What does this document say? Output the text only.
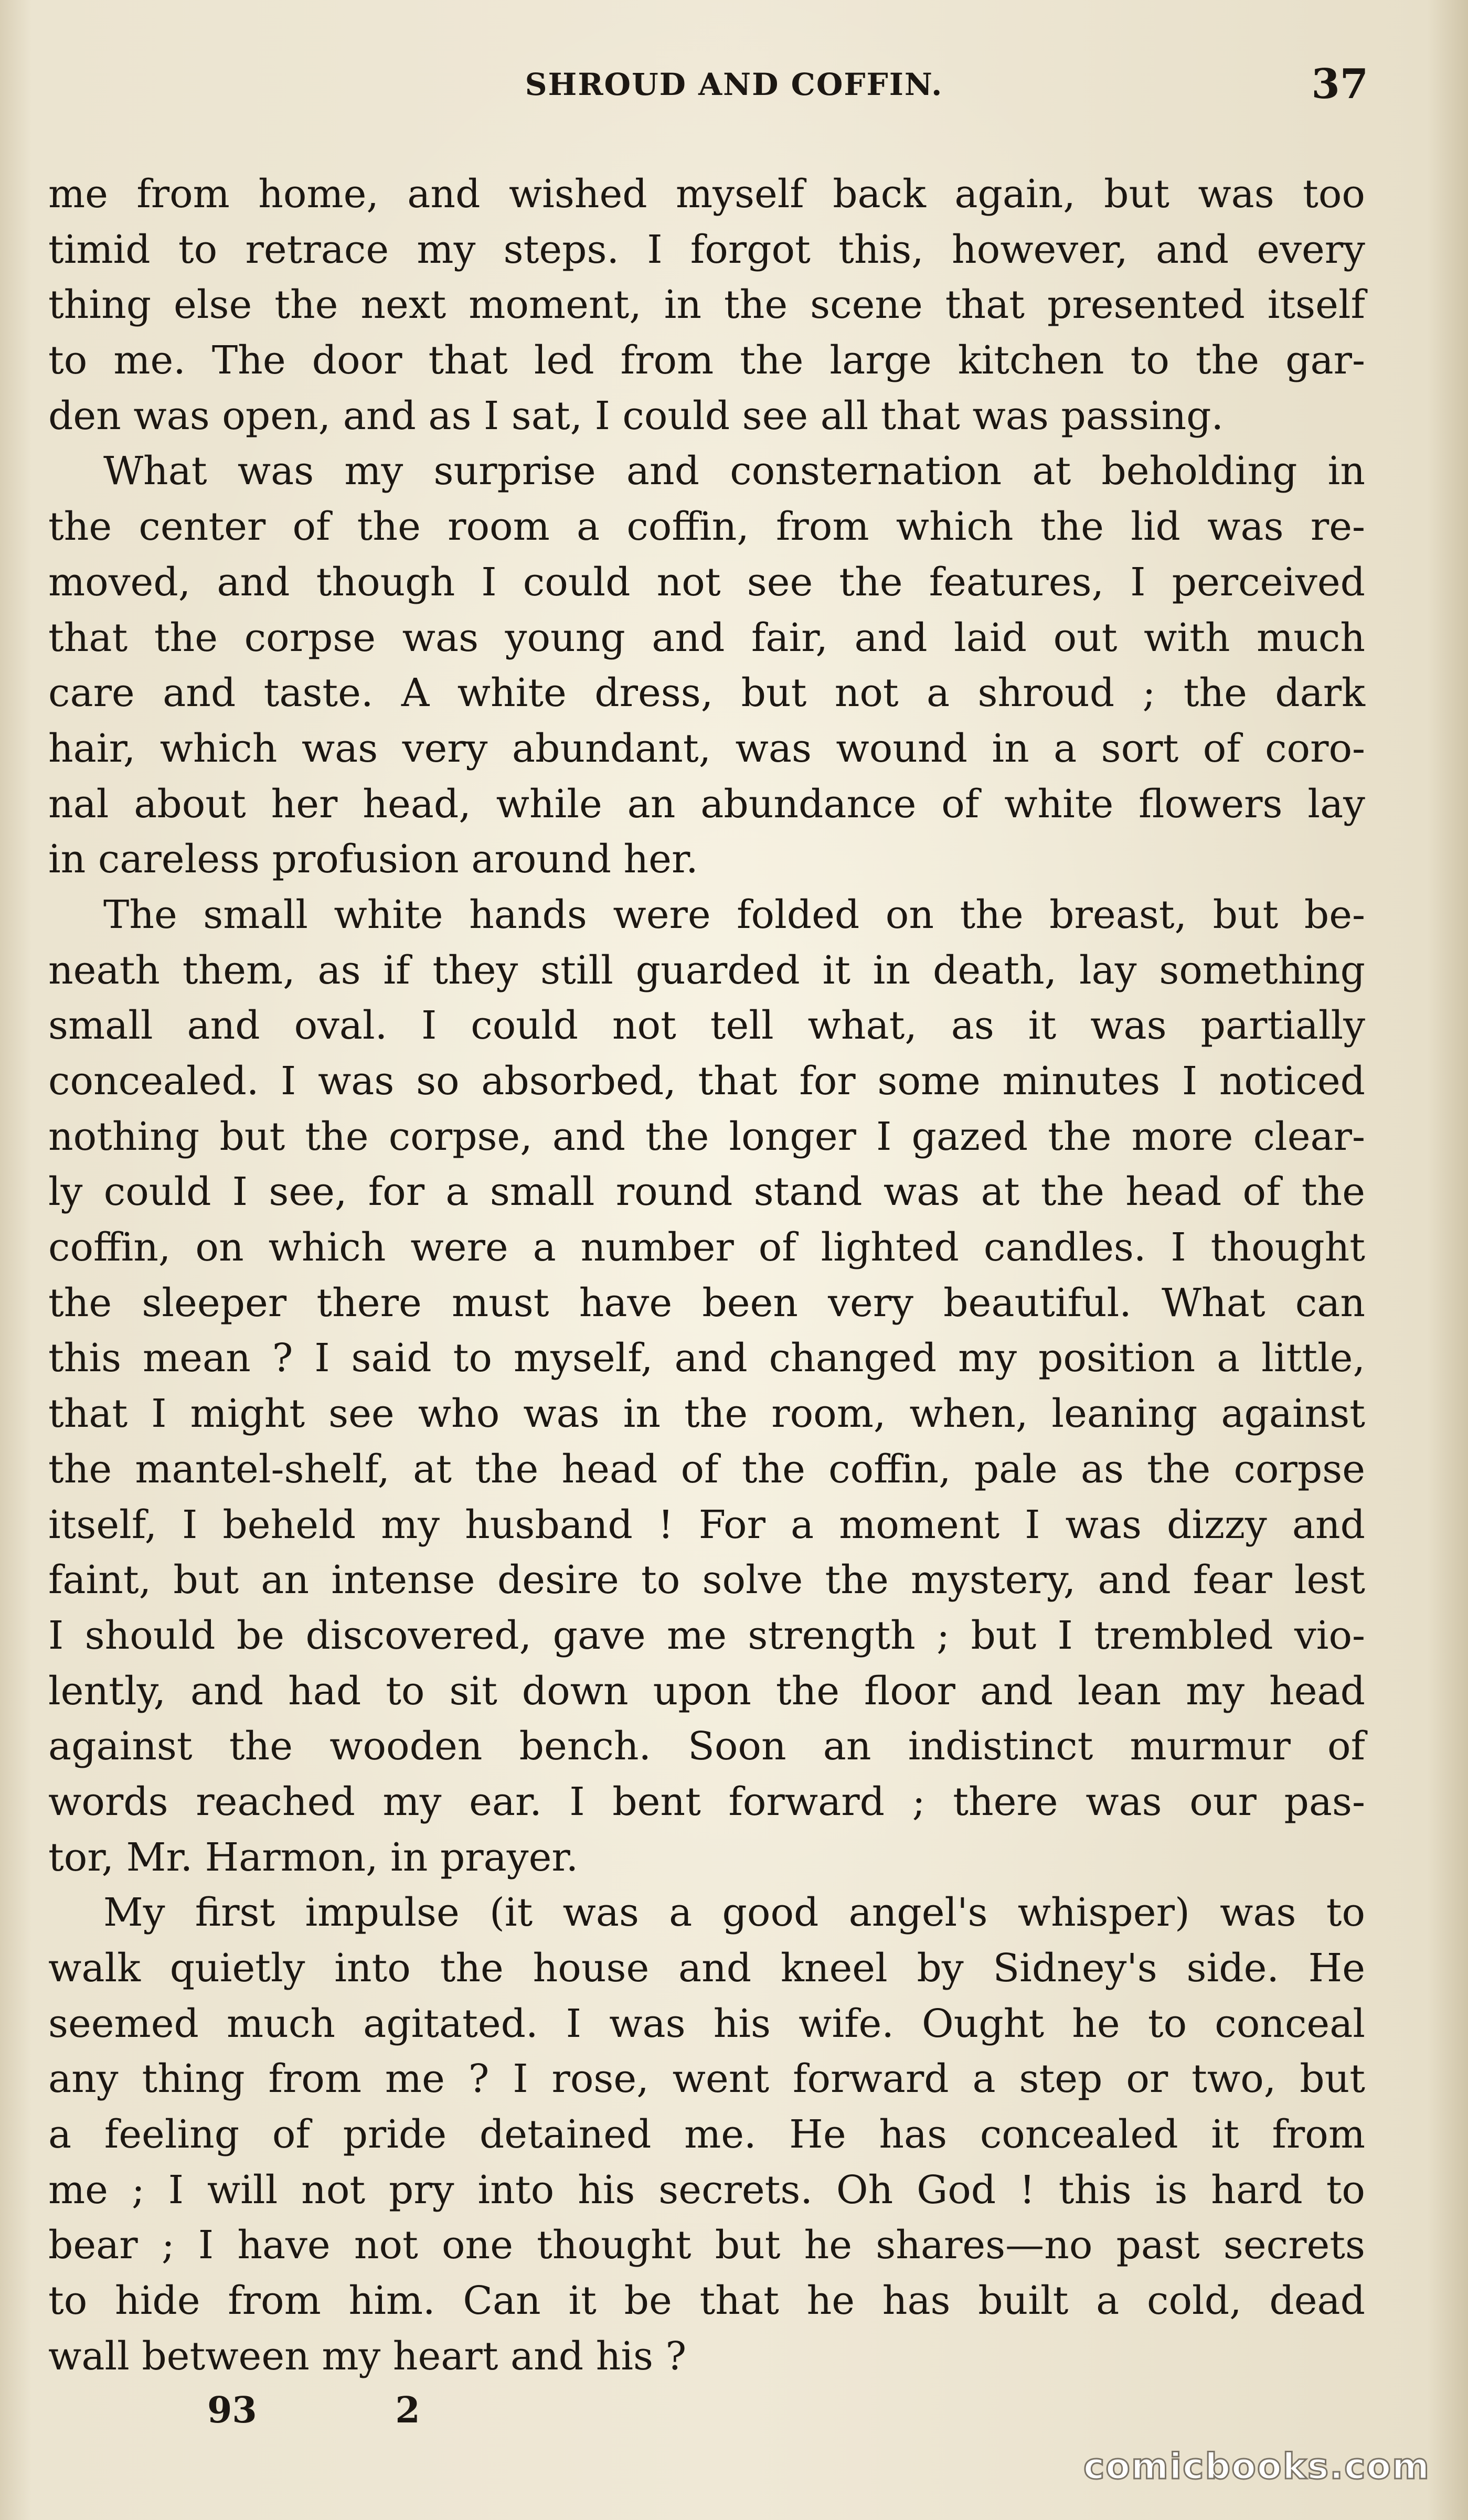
SHROUD AND COFFIN.	37
me from home, and wished myself back again, but was too
timid to retrace my steps. I forgot this, however, and every
thing else the next moment, in the scene that presented itself
to me. The door that led from the large kitchen to the gar-
den was open, and as I sat, I could see all that was passing.
What was my surprise and consternation at beholding in
the center of the room a coffin, from which the lid was re-
moved, and though I could not see the features, I perceived
that the corpse was young and fair, and laid out with much
care and taste. A white dress, but not a shroud ; the dark
hair, which was very abundant, was wound in a sort of coro-
nal about her head, while an abundance of white flowers lay
in careless profusion around her.
The small white hands were folded on the breast, but be-
neath them, as if they still guarded it in death, lay something
small and oval. I could not tell what, as it was partially
concealed. I was so absorbed, that for some minutes I noticed
nothing but the corpse, and the longer I gazed the more clear-
ly could I see, for a small round stand was at the head of the
coffin, on which were a number of lighted candles. I thought
the sleeper there must have been very beautiful. What can
this mean ? I said to myself, and changed my position a little,
that I might see who was in the room, when, leaning against
the mantel-shelf, at the head of the coffin, pale as the corpse
itself, I beheld my husband ! For a moment I was dizzy and
faint, but an intense desire to solve the mystery, and fear lest
I should be discovered, gave me strength ; but I trembled vio-
lently, and had to sit down upon the floor and lean my head
against the wooden bench. Soon an indistinct murmur of
words reached my ear. I bent forward ; there was our pas-
tor, Mr. Harmon, in prayer.
My first impulse (it was a good angel's whisper) was to
walk quietly into the house and kneel by Sidney's side. He
seemed much agitated. I was his wife. Ought he to conceal
any thing from me ? I rose, went forward a step or two, but
a feeling of pride detained me. He has concealed it from
me ; I will not pry into his secrets. Oh God ! this is hard to
bear ; I have not one thought but he shares—no past secrets
to hide from him. Can it be that he has built a cold, dead
wall between my heart and his ?
93	2
comicbooks.com
